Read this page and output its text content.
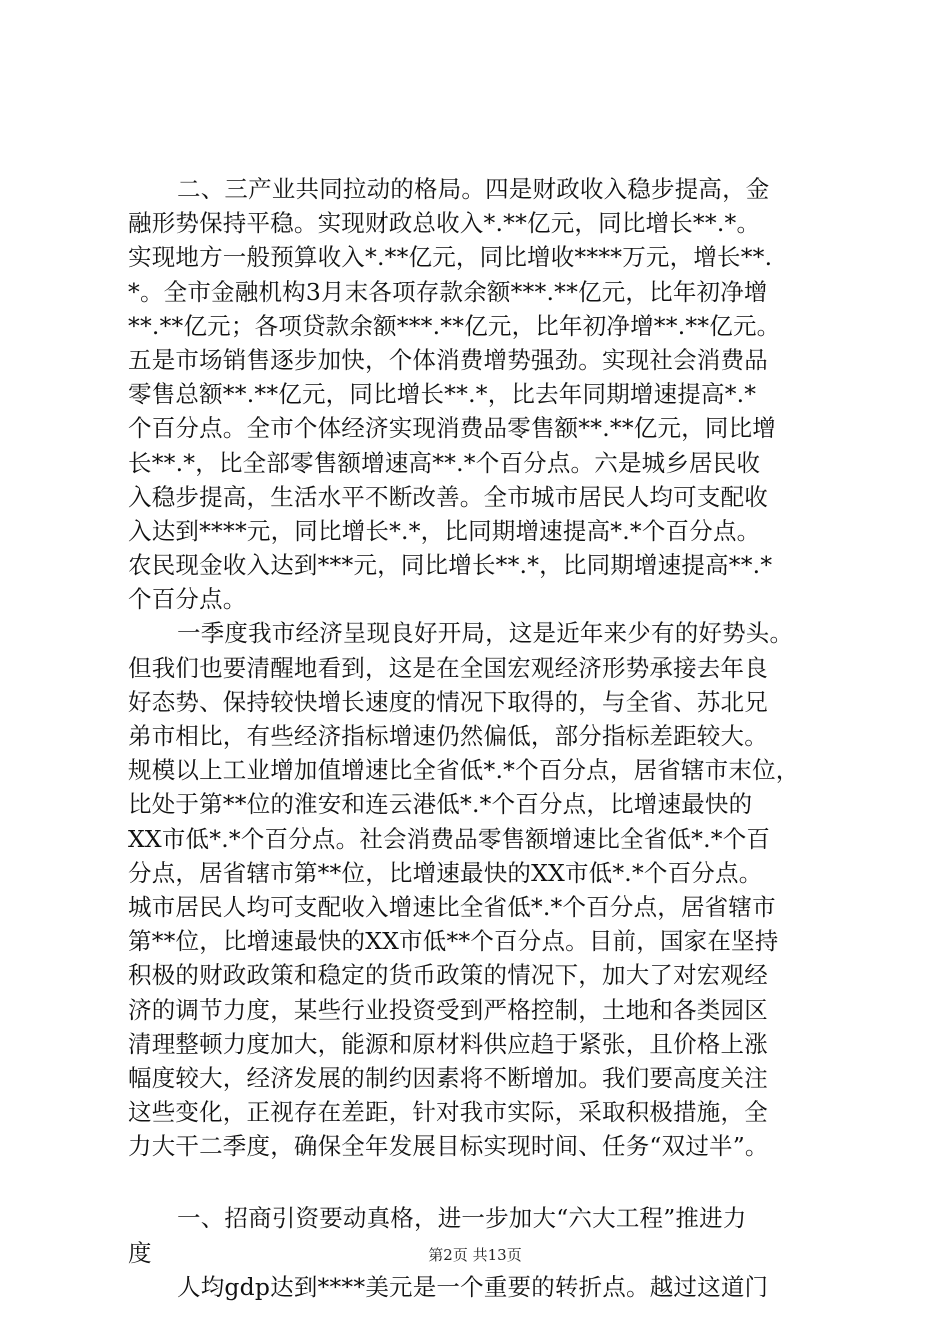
二、三产业共同拉动的格局。四是财政收入稳步提高，金
融形势保持平稳。实现财政总收入*.**亿元，同比增长**.*。
实现地方一般预算收入*.**亿元，同比增收****万元，增长**.
*。全市金融机构3月末各项存款余额***.**亿元，比年初净增
**.**亿元；各项贷款余额***.**亿元，比年初净增**.**亿元。
五是市场销售逐步加快，个体消费增势强劲。实现社会消费品
零售总额**.**亿元，同比增长**.*，比去年同期增速提高*.*
个百分点。全市个体经济实现消费品零售额**.**亿元，同比增
长**.*，比全部零售额增速高**.*个百分点。六是城乡居民收
入稳步提高，生活水平不断改善。全市城市居民人均可支配收
入达到****元，同比增长*.*，比同期增速提高*.*个百分点。
农民现金收入达到***元，同比增长**.*，比同期增速提高**.*
个百分点。
一季度我市经济呈现良好开局，这是近年来少有的好势头。
但我们也要清醒地看到，这是在全国宏观经济形势承接去年良
好态势、保持较快增长速度的情况下取得的，与全省、苏北兄
弟市相比，有些经济指标增速仍然偏低，部分指标差距较大。
规模以上工业增加值增速比全省低*.*个百分点，居省辖市末位，
比处于第**位的淮安和连云港低*.*个百分点，比增速最快的
XX市低*.*个百分点。社会消费品零售额增速比全省低*.*个百
分点，居省辖市第**位，比增速最快的XX市低*.*个百分点。
城市居民人均可支配收入增速比全省低*.*个百分点，居省辖市
第**位，比增速最快的XX市低**个百分点。目前，国家在坚持
积极的财政政策和稳定的货币政策的情况下，加大了对宏观经
济的调节力度，某些行业投资受到严格控制，土地和各类园区
清理整顿力度加大，能源和原材料供应趋于紧张，且价格上涨
幅度较大，经济发展的制约因素将不断增加。我们要高度关注
这些变化，正视存在差距，针对我市实际，采取积极措施，全
力大干二季度，确保全年发展目标实现时间、任务“双过半”。
一、招商引资要动真格，进一步加大“六大工程”推进力
度
人均gdp达到****美元是一个重要的转折点。越过这道门
第2页 共13页
